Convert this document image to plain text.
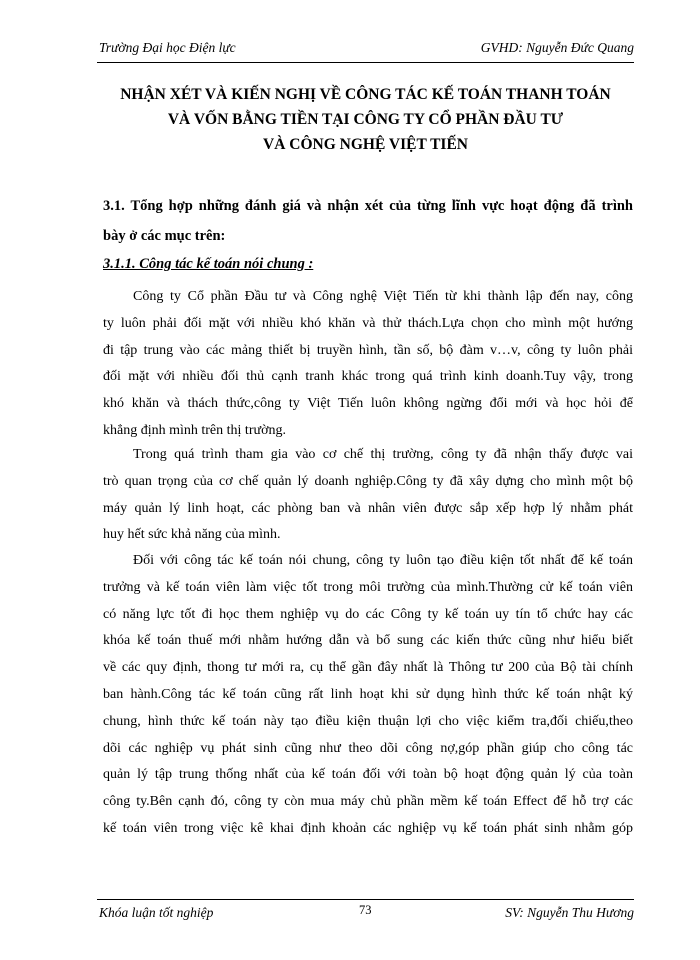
Trường Đại học Điện lực	GVHD: Nguyễn Đức Quang
NHẬN XÉT VÀ KIẾN NGHỊ VỀ CÔNG TÁC KẾ TOÁN THANH TOÁN
VÀ VỐN BẰNG TIỀN TẠI CÔNG TY CỔ PHẦN ĐẦU TƯ
VÀ CÔNG NGHỆ VIỆT TIẾN
3.1. Tổng hợp những đánh giá và nhận xét của từng lĩnh vực hoạt động đã trình
bày ở các mục trên:
3.1.1. Công tác kế toán nói chung :
Công ty Cổ phần Đầu tư và Công nghệ Việt Tiến từ khi thành lập đến nay, công
ty luôn phải đối mặt với nhiều khó khăn và thử thách.Lựa chọn cho mình một hướng
đi tập trung vào các mảng thiết bị truyền hình, tần số, bộ đàm v…v, công ty luôn phải
đối mặt với nhiều đối thủ cạnh tranh khác trong quá trình kinh doanh.Tuy vậy, trong
khó khăn và thách thức,công ty Việt Tiến luôn không ngừng đổi mới và học hỏi để
khẳng định mình trên thị trường.
Trong quá trình tham gia vào cơ chế thị trường, công ty đã nhận thấy được vai
trò quan trọng của cơ chế quản lý doanh nghiệp.Công ty đã xây dựng cho mình một bộ
máy quản lý linh hoạt, các phòng ban và nhân viên được sắp xếp hợp lý nhằm phát
huy hết sức khả năng của mình.
Đối với công tác kế toán nói chung, công ty luôn tạo điều kiện tốt nhất để kế toán
trưởng và kế toán viên làm việc tốt trong môi trường của mình.Thường cử kế toán viên
có năng lực tốt đi học them nghiệp vụ do các Công ty kế toán uy tín tổ chức hay các
khóa kế toán thuế mới nhằm hướng dẫn và bổ sung các kiến thức cũng như hiểu biết
về các quy định, thong tư mới ra, cụ thể gần đây nhất là Thông tư 200 của Bộ tài chính
ban hành.Công tác kế toán cũng rất linh hoạt khi sử dụng hình thức kế toán nhật ký
chung, hình thức kế toán này tạo điều kiện thuận lợi cho việc kiểm tra,đối chiếu,theo
dõi các nghiệp vụ phát sinh cũng như theo dõi công nợ,góp phần giúp cho công tác
quản lý tập trung thống nhất của kế toán đối với toàn bộ hoạt động quản lý của toàn
công ty.Bên cạnh đó, công ty còn mua máy chủ phần mềm kế toán Effect để hỗ trợ các
kế toán viên trong việc kê khai định khoản các nghiệp vụ kế toán phát sinh nhằm góp
Khóa luận tốt nghiệp	73	SV: Nguyễn Thu Hương
